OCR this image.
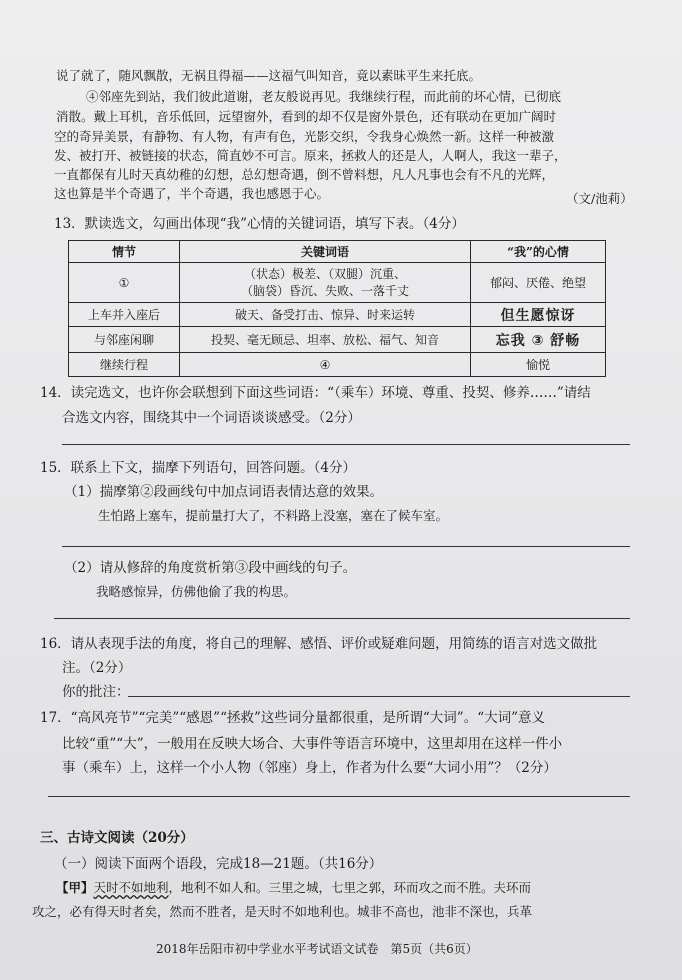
说了就了，随风飘散，无祸且得福——这福气叫知音，竟以素昧平生来托底。
④邻座先到站，我们彼此道谢，老友般说再见。我继续行程，而此前的坏心情，已彻底
消散。戴上耳机，音乐低回，远望窗外，看到的却不仅是窗外景色，还有联动在更加广阔时
空的奇异美景，有静物、有人物，有声有色，光影交织，令我身心焕然一新。这样一种被激
发、被打开、被链接的状态，简直妙不可言。原来，拯救人的还是人，人啊人，我这一辈子，
一直都保有儿时天真幼稚的幻想，总幻想奇遇，倒不曾料想，凡人凡事也会有不凡的光辉，
这也算是半个奇遇了，半个奇遇，我也感恩于心。	（文/池莉）
13．默读选文，勾画出体现“我”心情的关键词语，填写下表。（4分）
情节	关键词语	“我”的心情
①	（状态）极差、（双腿）沉重、
（脑袋）昏沉、失败、一落千丈	郁闷、厌倦、绝望
上车并入座后	破天、备受打击、惊异、时来运转	但生愿惊讶
与邻座闲聊	投契、毫无顾忌、坦率、放松、福气、知音	忘我 ③ 舒畅
继续行程	④	愉悦
14．读完选文，也许你会联想到下面这些词语：“（乘车）环境、尊重、投契、修养……”请结
合选文内容，围绕其中一个词语谈谈感受。（2分）
15．联系上下文，揣摩下列语句，回答问题。（4分）
（1）揣摩第②段画线句中加点词语表情达意的效果。
生怕路上塞车，提前量打大了，不料路上没塞，塞在了候车室。
（2）请从修辞的角度赏析第③段中画线的句子。
我略感惊异，仿佛他偷了我的构思。
16．请从表现手法的角度，将自己的理解、感悟、评价或疑难问题，用简练的语言对选文做批
注。（2分）
你的批注：
17．“高风亮节”“完美”“感恩”“拯救”这些词分量都很重，是所谓“大词”。“大词”意义
比较“重”“大”，一般用在反映大场合、大事件等语言环境中，这里却用在这样一件小
事（乘车）上，这样一个小人物（邻座）身上，作者为什么要“大词小用”？（2分）
三、古诗文阅读（20分）
（一）阅读下面两个语段，完成18—21题。（共16分）
【甲】天时不如地利，地利不如人和。三里之城，七里之郭，环而攻之而不胜。夫环而
攻之，必有得天时者矣，然而不胜者，是天时不如地利也。城非不高也，池非不深也，兵革
2018年岳阳市初中学业水平考试语文试卷　第5页（共6页）
